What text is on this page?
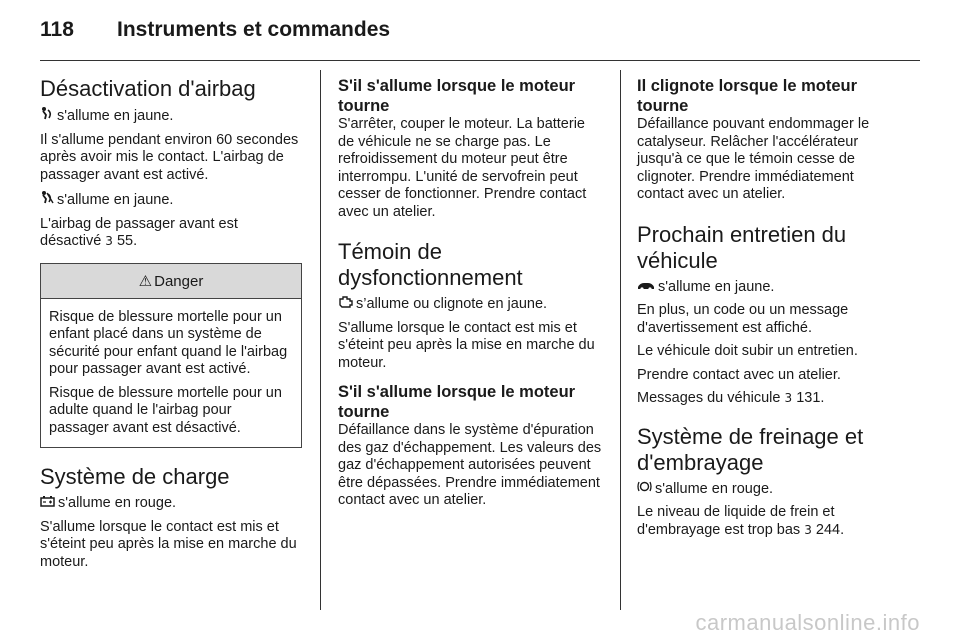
118	Instruments et commandes
Désactivation d'airbag

s'allume en jaune.

Il s'allume pendant environ 60 secondes après avoir mis le contact. L'airbag de passager avant est activé.

s'allume en jaune.

L'airbag de passager avant est désactivé 3 55.

⚠ Danger

Risque de blessure mortelle pour un enfant placé dans un système de sécurité pour enfant quand le l'airbag pour passager avant est activé.

Risque de blessure mortelle pour un adulte quand le l'airbag pour passager avant est désactivé.

Système de charge

s'allume en rouge.

S'allume lorsque le contact est mis et s'éteint peu après la mise en marche du moteur.

S'il s'allume lorsque le moteur tourne

S'arrêter, couper le moteur. La batterie de véhicule ne se charge pas. Le refroidissement du moteur peut être interrompu. L'unité de servofrein peut cesser de fonctionner. Prendre contact avec un atelier.

Témoin de dysfonctionnement

s’allume ou clignote en jaune.

S'allume lorsque le contact est mis et s'éteint peu après la mise en marche du moteur.

S'il s'allume lorsque le moteur tourne

Défaillance dans le système d'épuration des gaz d'échappement. Les valeurs des gaz d'échappement autorisées peuvent être dépassées. Prendre immédiatement contact avec un atelier.

Il clignote lorsque le moteur tourne

Défaillance pouvant endommager le catalyseur. Relâcher l'accélérateur jusqu'à ce que le témoin cesse de clignoter. Prendre immédiatement contact avec un atelier.

Prochain entretien du véhicule

s'allume en jaune.

En plus, un code ou un message d'avertissement est affiché.

Le véhicule doit subir un entretien.

Prendre contact avec un atelier.

Messages du véhicule 3 131.

Système de freinage et d'embrayage

s'allume en rouge.

Le niveau de liquide de frein et d'embrayage est trop bas 3 244.

carmanualsonline.info
